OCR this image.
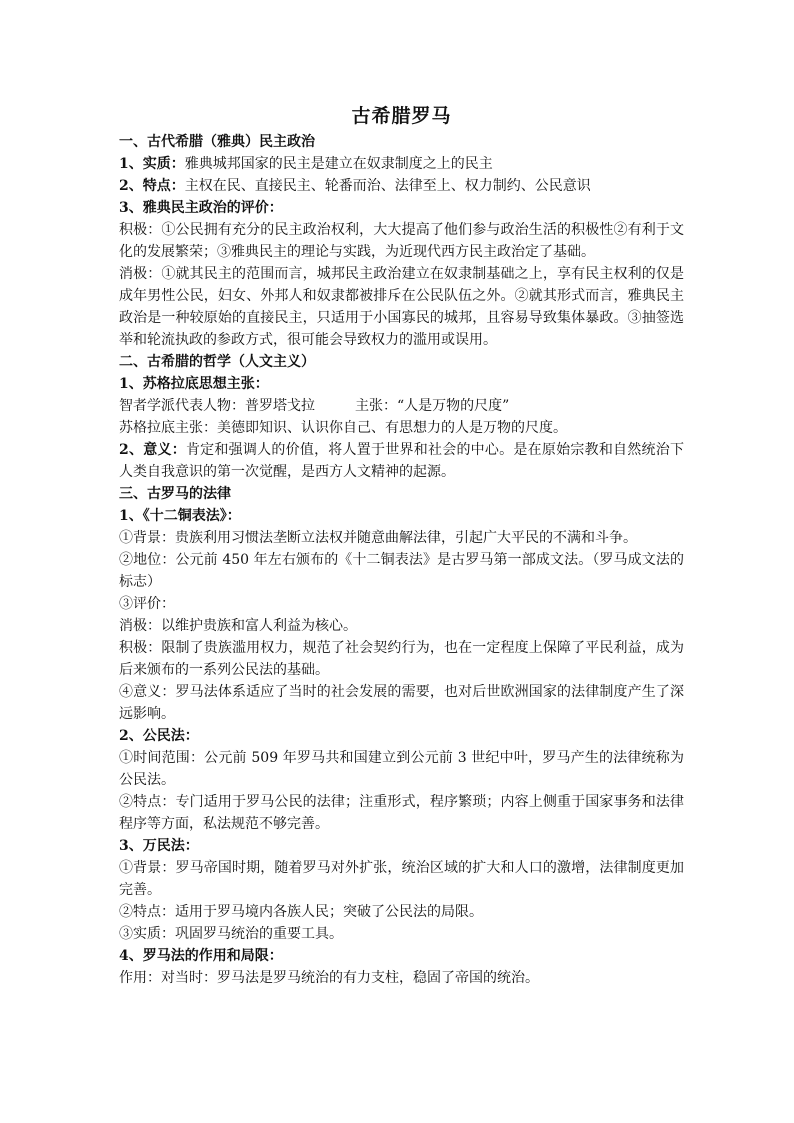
古希腊罗马

一、古代希腊（雅典）民主政治

1、实质：雅典城邦国家的民主是建立在奴隶制度之上的民主

2、特点：主权在民、直接民主、轮番而治、法律至上、权力制约、公民意识

3、雅典民主政治的评价：

积极：①公民拥有充分的民主政治权利，大大提高了他们参与政治生活的积极性②有利于文化的发展繁荣；③雅典民主的理论与实践，为近现代西方民主政治定了基础。

消极：①就其民主的范围而言，城邦民主政治建立在奴隶制基础之上，享有民主权利的仅是成年男性公民，妇女、外邦人和奴隶都被排斥在公民队伍之外。②就其形式而言，雅典民主政治是一种较原始的直接民主，只适用于小国寡民的城邦，且容易导致集体暴政。③抽签选举和轮流执政的参政方式，很可能会导致权力的滥用或误用。

二、古希腊的哲学（人文主义）

1、苏格拉底思想主张：

智者学派代表人物：普罗塔戈拉	主张：“人是万物的尺度”

苏格拉底主张：美德即知识、认识你自己、有思想力的人是万物的尺度。

2、意义：肯定和强调人的价值，将人置于世界和社会的中心。是在原始宗教和自然统治下人类自我意识的第一次觉醒，是西方人文精神的起源。

三、古罗马的法律

1、《十二铜表法》：

①背景：贵族利用习惯法垄断立法权并随意曲解法律，引起广大平民的不满和斗争。

②地位：公元前 450 年左右颁布的《十二铜表法》是古罗马第一部成文法。（罗马成文法的标志）

③评价：

消极：以维护贵族和富人利益为核心。

积极：限制了贵族滥用权力，规范了社会契约行为，也在一定程度上保障了平民利益，成为后来颁布的一系列公民法的基础。

④意义：罗马法体系适应了当时的社会发展的需要，也对后世欧洲国家的法律制度产生了深远影响。

2、公民法：

①时间范围：公元前 509 年罗马共和国建立到公元前 3 世纪中叶，罗马产生的法律统称为公民法。

②特点：专门适用于罗马公民的法律；注重形式，程序繁琐；内容上侧重于国家事务和法律程序等方面，私法规范不够完善。

3、万民法：

①背景：罗马帝国时期，随着罗马对外扩张，统治区域的扩大和人口的激增，法律制度更加完善。

②特点：适用于罗马境内各族人民；突破了公民法的局限。

③实质：巩固罗马统治的重要工具。

4、罗马法的作用和局限：

作用：对当时：罗马法是罗马统治的有力支柱，稳固了帝国的统治。
